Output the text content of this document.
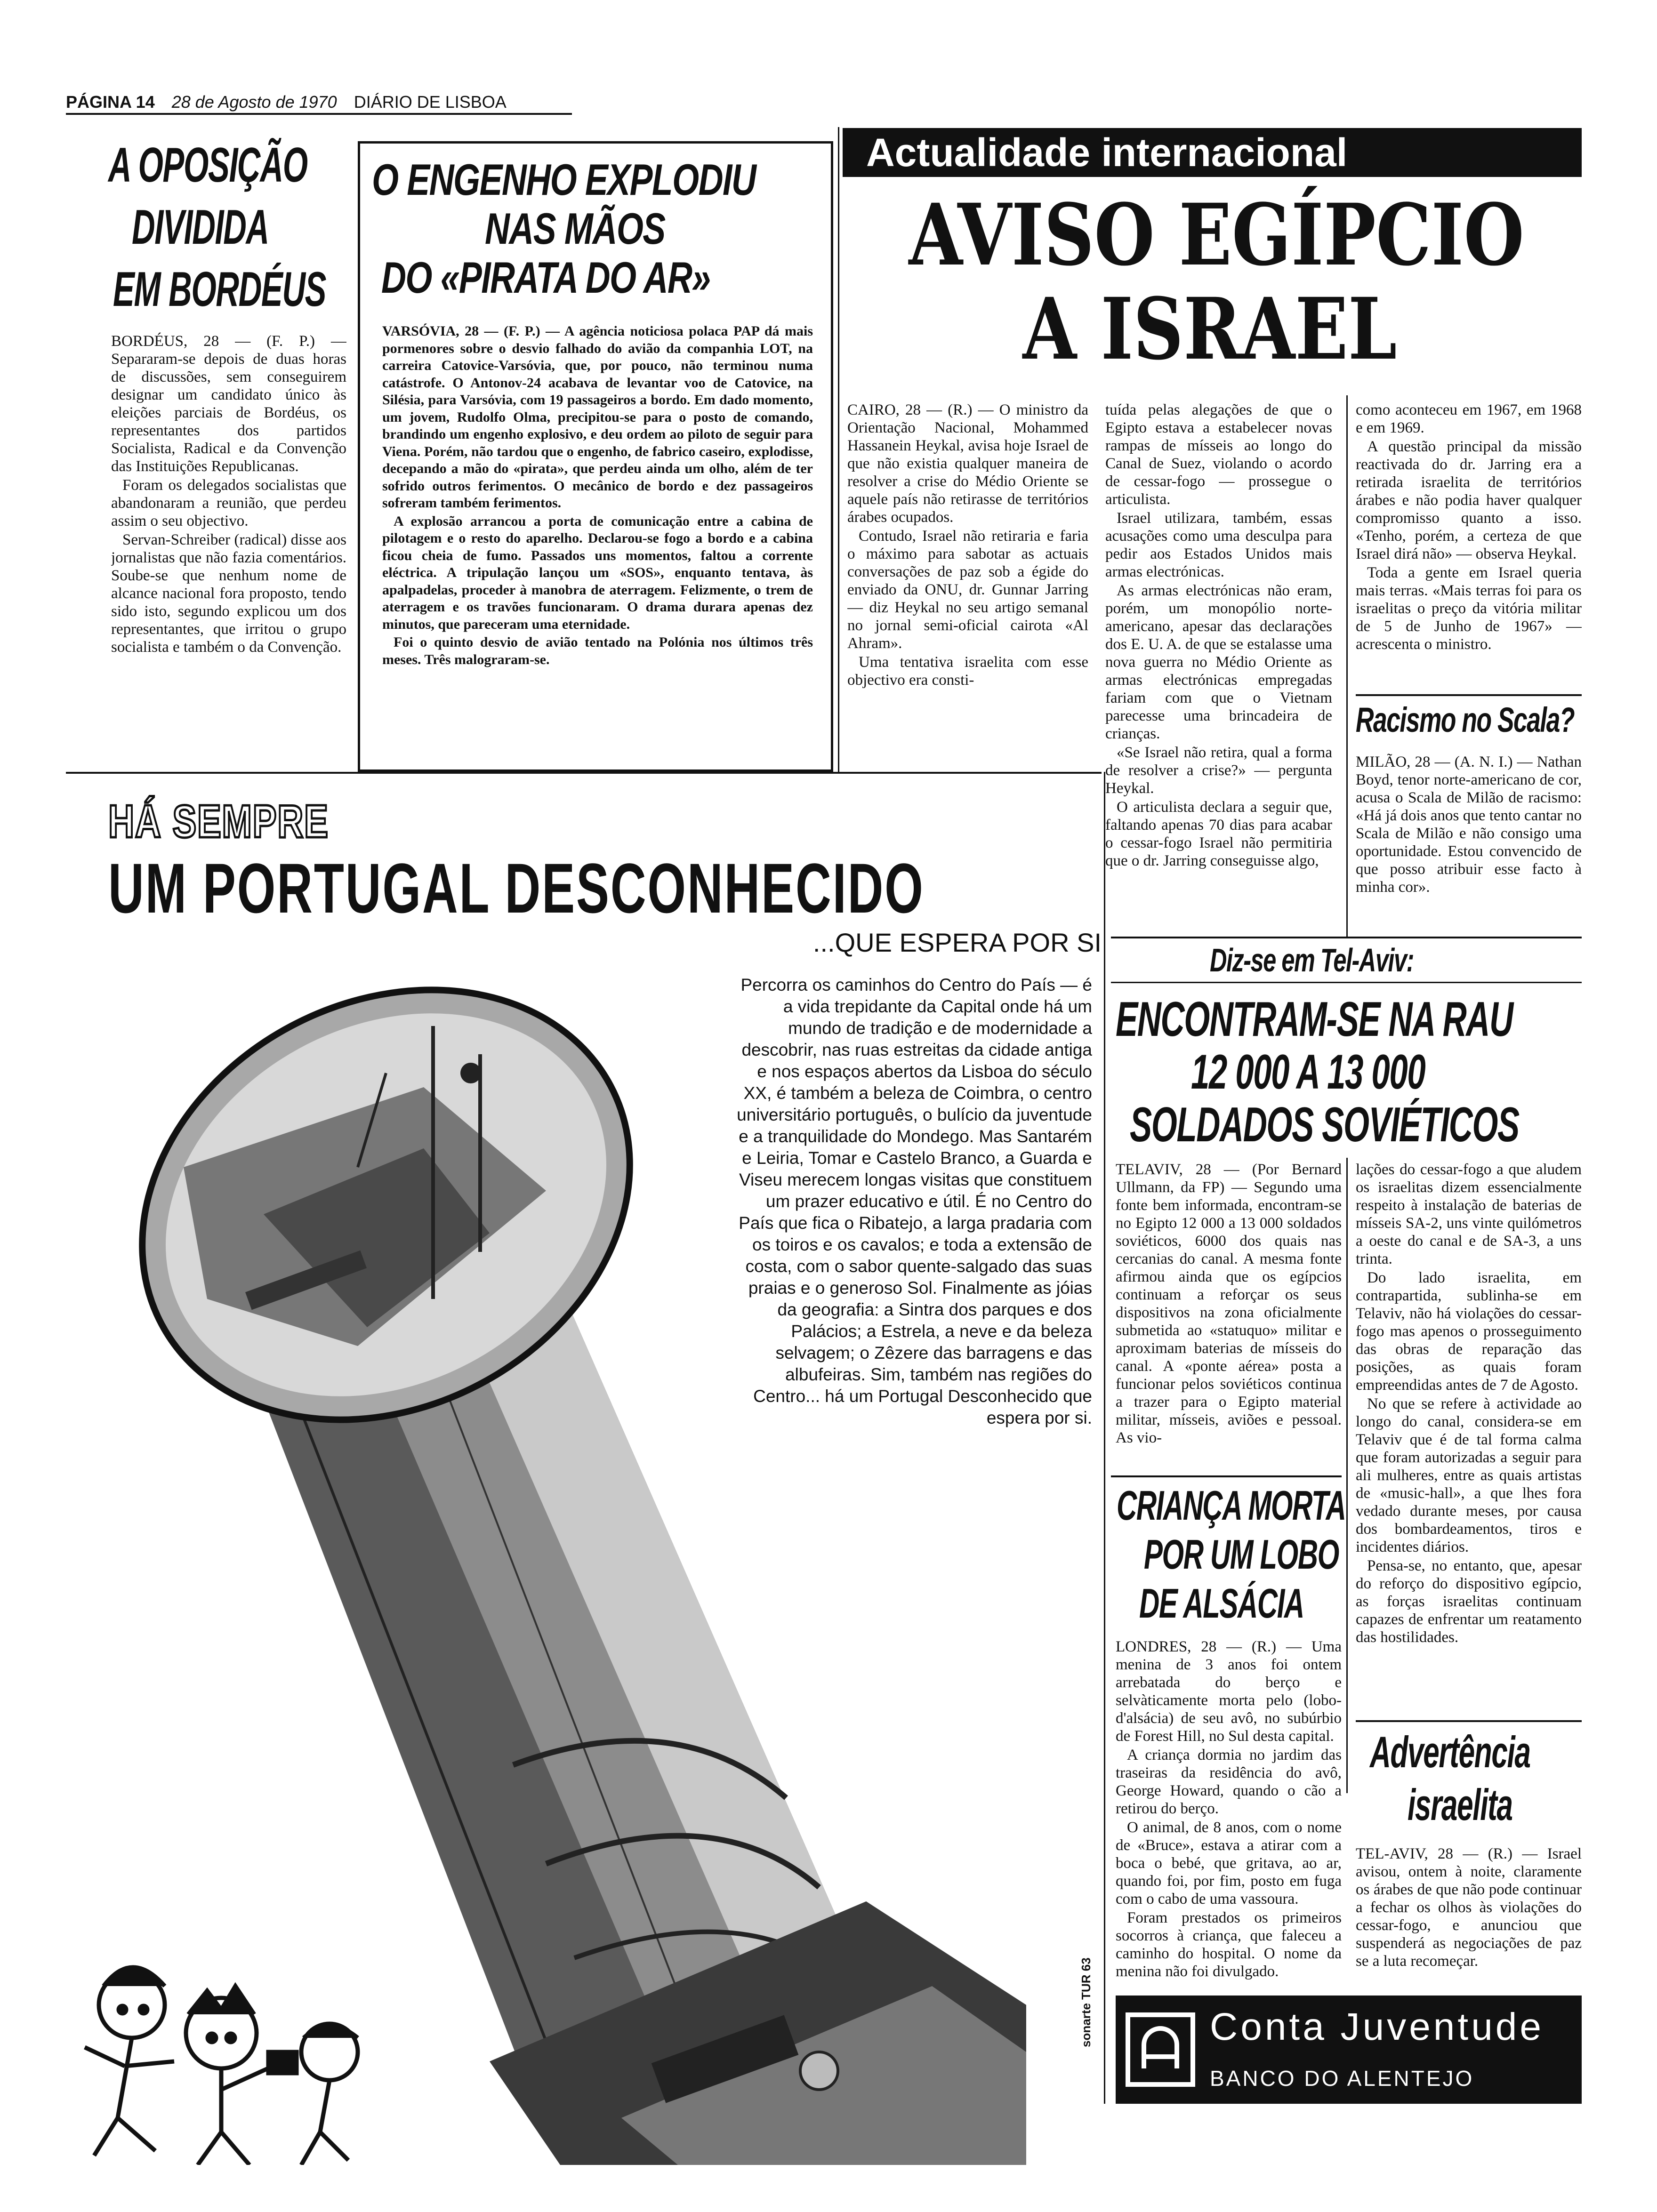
PÁGINA 14 28 de Agosto de 1970 DIÁRIO DE LISBOA
A OPOSIÇÃO
DIVIDIDA
EM BORDÉUS

BORDÉUS, 28 — (F. P.) — Separaram-se depois de duas horas de discussões, sem conseguirem designar um candidato único às eleições parciais de Bordéus, os representantes dos partidos Socialista, Radical e da Convenção das Instituições Republicanas.

Foram os delegados socialistas que abandonaram a reunião, que perdeu assim o seu objectivo.

Servan-Schreiber (radical) disse aos jornalistas que não fazia comentários. Soube-se que nenhum nome de alcance nacional fora proposto, tendo sido isto, segundo explicou um dos representantes, que irritou o grupo socialista e também o da Convenção.

O ENGENHO EXPLODIU
NAS MÃOS
DO «PIRATA DO AR»

VARSÓVIA, 28 — (F. P.) — A agência noticiosa polaca PAP dá mais pormenores sobre o desvio falhado do avião da companhia LOT, na carreira Catovice-Varsóvia, que, por pouco, não terminou numa catástrofe. O Antonov-24 acabava de levantar voo de Catovice, na Silésia, para Varsóvia, com 19 passageiros a bordo. Em dado momento, um jovem, Rudolfo Olma, precipitou-se para o posto de comando, brandindo um engenho explosivo, e deu ordem ao piloto de seguir para Viena. Porém, não tardou que o engenho, de fabrico caseiro, explodisse, decepando a mão do «pirata», que perdeu ainda um olho, além de ter sofrido outros ferimentos. O mecânico de bordo e dez passageiros sofreram também ferimentos.

A explosão arrancou a porta de comunicação entre a cabina de pilotagem e o resto do aparelho. Declarou-se fogo a bordo e a cabina ficou cheia de fumo. Passados uns momentos, faltou a corrente eléctrica. A tripulação lançou um «SOS», enquanto tentava, às apalpadelas, proceder à manobra de aterragem. Felizmente, o trem de aterragem e os travões funcionaram. O drama durara apenas dez minutos, que pareceram uma eternidade.

Foi o quinto desvio de avião tentado na Polónia nos últimos três meses. Três malograram-se.

Actualidade internacional
AVISO EGÍPCIO
A ISRAEL

CAIRO, 28 — (R.) — O ministro da Orientação Nacional, Mohammed Hassanein Heykal, avisa hoje Israel de que não existia qualquer maneira de resolver a crise do Médio Oriente se aquele país não retirasse de territórios árabes ocupados.

Contudo, Israel não retiraria e faria o máximo para sabotar as actuais conversações de paz sob a égide do enviado da ONU, dr. Gunnar Jarring — diz Heykal no seu artigo semanal no jornal semi-oficial cairota «Al Ahram».

Uma tentativa israelita com esse objectivo era consti-

tuída pelas alegações de que o Egipto estava a estabelecer novas rampas de mísseis ao longo do Canal de Suez, violando o acordo de cessar-fogo — prossegue o articulista.

Israel utilizara, também, essas acusações como uma desculpa para pedir aos Estados Unidos mais armas electrónicas.

As armas electrónicas não eram, porém, um monopólio norte-americano, apesar das declarações dos E. U. A. de que se estalasse uma nova guerra no Médio Oriente as armas electrónicas empregadas fariam com que o Vietnam parecesse uma brincadeira de crianças.

«Se Israel não retira, qual a forma de resolver a crise?» — pergunta Heykal.

O articulista declara a seguir que, faltando apenas 70 dias para acabar o cessar-fogo Israel não permitiria que o dr. Jarring conseguisse algo,

como aconteceu em 1967, em 1968 e em 1969.

A questão principal da missão reactivada do dr. Jarring era a retirada israelita de territórios árabes e não podia haver qualquer compromisso quanto a isso. «Tenho, porém, a certeza de que Israel dirá não» — observa Heykal.

Toda a gente em Israel queria mais terras. «Mais terras foi para os israelitas o preço da vitória militar de 5 de Junho de 1967» — acrescenta o ministro.

Racismo no Scala?

MILÃO, 28 — (A. N. I.) — Nathan Boyd, tenor norte-americano de cor, acusa o Scala de Milão de racismo: «Há já dois anos que tento cantar no Scala de Milão e não consigo uma oportunidade. Estou convencido de que posso atribuir esse facto à minha cor».

HÁ SEMPRE
UM PORTUGAL DESCONHECIDO
...QUE ESPERA POR SI
Percorra os caminhos do Centro do País — é a vida trepidante da Capital onde há um mundo de tradição e de modernidade a descobrir, nas ruas estreitas da cidade antiga e nos espaços abertos da Lisboa do século XX, é também a beleza de Coimbra, o centro universitário português, o bulício da juventude e a tranquilidade do Mondego. Mas Santarém e Leiria, Tomar e Castelo Branco, a Guarda e Viseu merecem longas visitas que constituem um prazer educativo e útil. É no Centro do País que fica o Ribatejo, a larga pradaria com os toiros e os cavalos; e toda a extensão de costa, com o sabor quente-salgado das suas praias e o generoso Sol. Finalmente as jóias da geografia: a Sintra dos parques e dos Palácios; a Estrela, a neve e da beleza selvagem; o Zêzere das barragens e das albufeiras. Sim, também nas regiões do Centro... há um Portugal Desconhecido que espera por si.
sonarte TUR 63
Diz-se em Tel-Aviv:
ENCONTRAM-SE NA RAU
12 000 A 13 000
SOLDADOS SOVIÉTICOS

TELAVIV, 28 — (Por Bernard Ullmann, da FP) — Segundo uma fonte bem informada, encontram-se no Egipto 12 000 a 13 000 soldados soviéticos, 6000 dos quais nas cercanias do canal. A mesma fonte afirmou ainda que os egípcios continuam a reforçar os seus dispositivos na zona oficialmente submetida ao «statuquo» militar e aproximam baterias de mísseis do canal. A «ponte aérea» posta a funcionar pelos soviéticos continua a trazer para o Egipto material militar, mísseis, aviões e pessoal. As vio-

lações do cessar-fogo a que aludem os israelitas dizem essencialmente respeito à instalação de baterias de mísseis SA-2, uns vinte quilómetros a oeste do canal e de SA-3, a uns trinta.

Do lado israelita, em contrapartida, sublinha-se em Telaviv, não há violações do cessar-fogo mas apenos o prosseguimento das obras de reparação das posições, as quais foram empreendidas antes de 7 de Agosto.

No que se refere à actividade ao longo do canal, considera-se em Telaviv que é de tal forma calma que foram autorizadas a seguir para ali mulheres, entre as quais artistas de «music-hall», a que lhes fora vedado durante meses, por causa dos bombardeamentos, tiros e incidentes diários.

Pensa-se, no entanto, que, apesar do reforço do dispositivo egípcio, as forças israelitas continuam capazes de enfrentar um reatamento das hostilidades.

CRIANÇA MORTA
POR UM LOBO
DE ALSÁCIA

LONDRES, 28 — (R.) — Uma menina de 3 anos foi ontem arrebatada do berço e selvàticamente morta pelo (lobo-d'alsácia) de seu avô, no subúrbio de Forest Hill, no Sul desta capital.

A criança dormia no jardim das traseiras da residência do avô, George Howard, quando o cão a retirou do berço.

O animal, de 8 anos, com o nome de «Bruce», estava a atirar com a boca o bebé, que gritava, ao ar, quando foi, por fim, posto em fuga com o cabo de uma vassoura.

Foram prestados os primeiros socorros à criança, que faleceu a caminho do hospital. O nome da menina não foi divulgado.

Advertência
israelita

TEL-AVIV, 28 — (R.) — Israel avisou, ontem à noite, claramente os árabes de que não pode continuar a fechar os olhos às violações do cessar-fogo, e anunciou que suspenderá as negociações de paz se a luta recomeçar.

Conta Juventude
BANCO DO ALENTEJO
